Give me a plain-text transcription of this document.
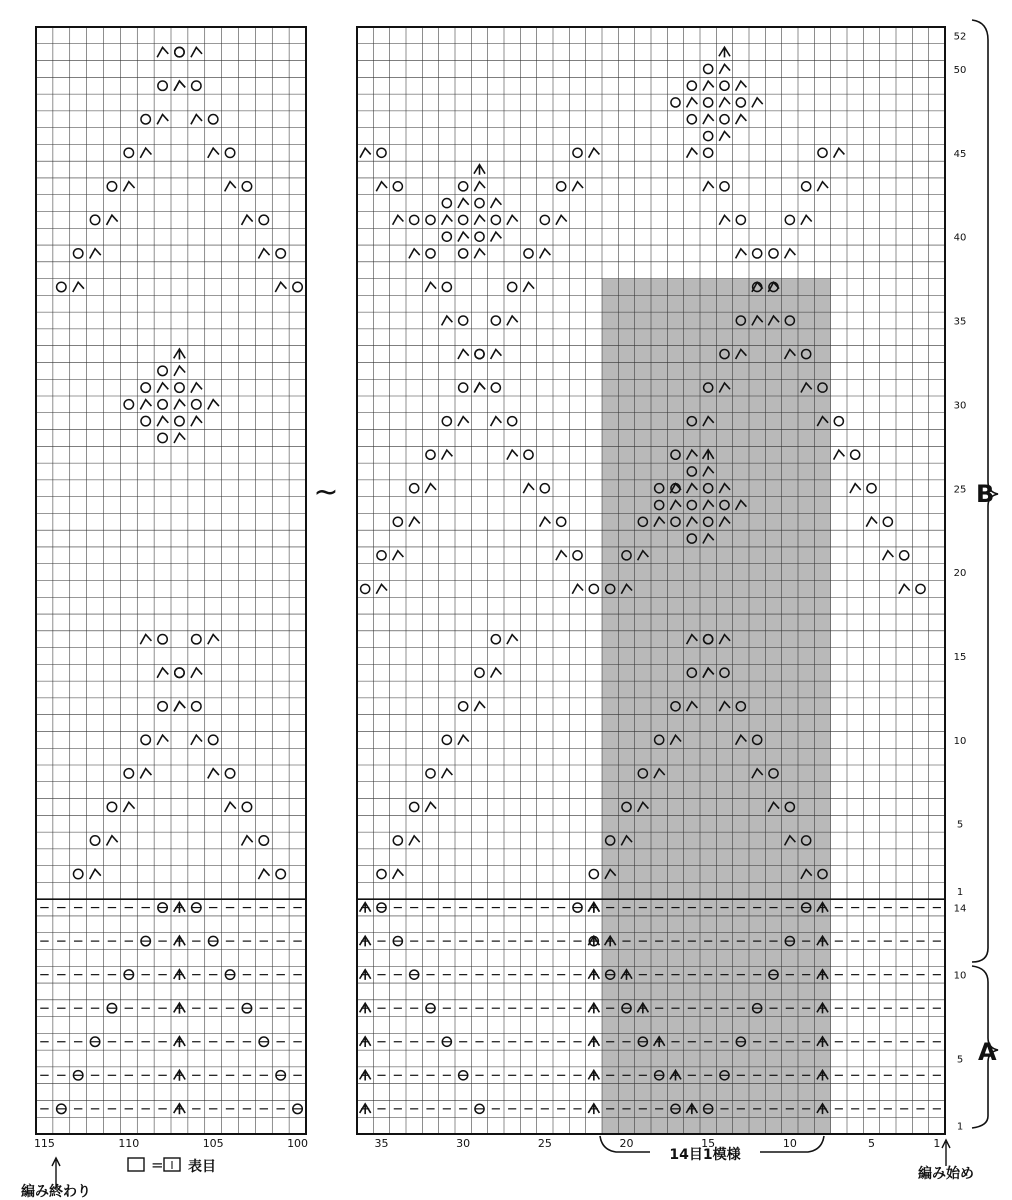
35	30	25	20	15	10	5	1
115	110	105	100
1
5
10
14
1
5
10
15
20
25
30
35
40
45
50
52
B
A
14目1模様
~
編み終わり
編み始め
= I 表目
